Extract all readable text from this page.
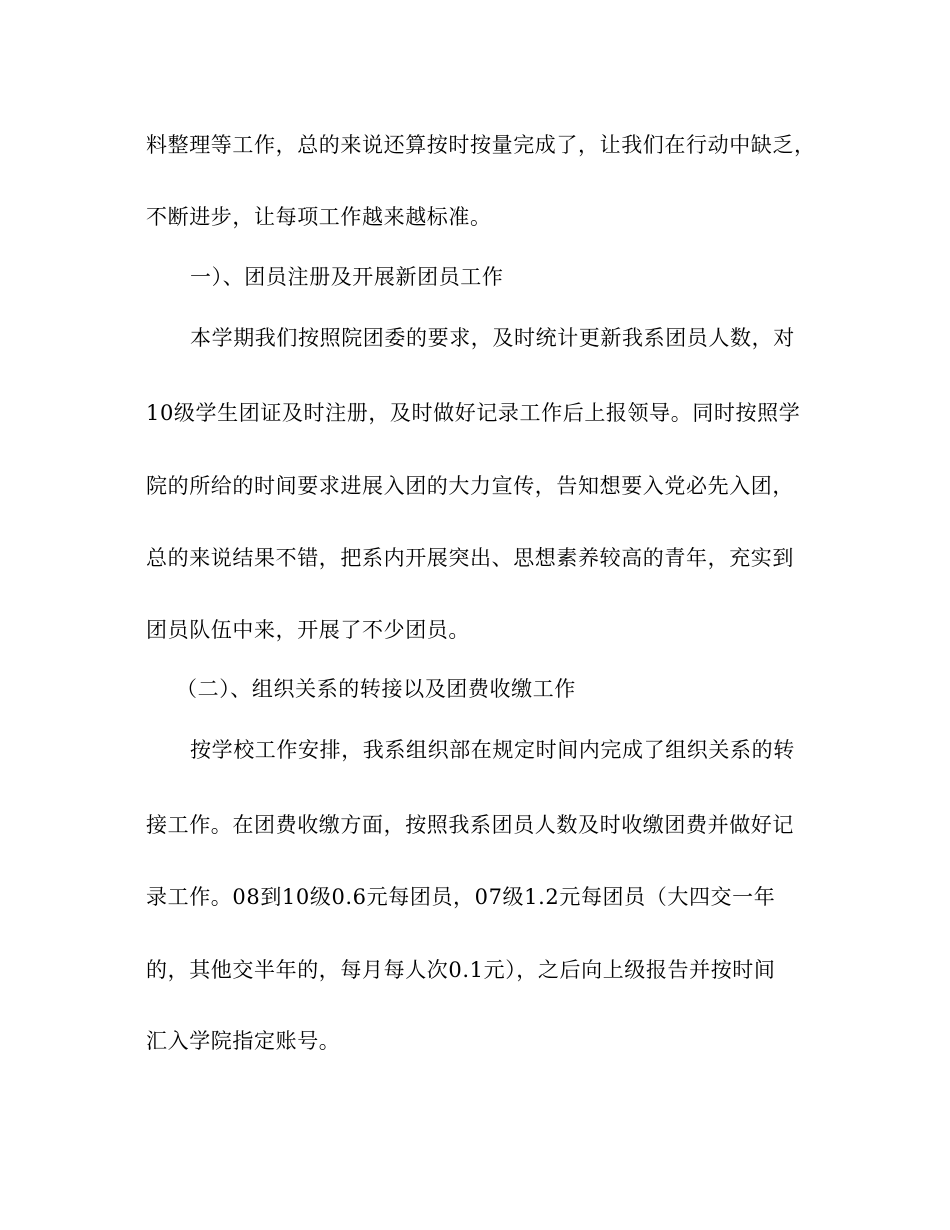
料整理等工作，总的来说还算按时按量完成了，让我们在行动中缺乏，
不断进步，让每项工作越来越标准。
一）、团员注册及开展新团员工作
本学期我们按照院团委的要求，及时统计更新我系团员人数，对
10级学生团证及时注册，及时做好记录工作后上报领导。同时按照学
院的所给的时间要求进展入团的大力宣传，告知想要入党必先入团，
总的来说结果不错，把系内开展突出、思想素养较高的青年，充实到
团员队伍中来，开展了不少团员。
（二）、组织关系的转接以及团费收缴工作
按学校工作安排，我系组织部在规定时间内完成了组织关系的转
接工作。在团费收缴方面，按照我系团员人数及时收缴团费并做好记
录工作。08到10级0.6元每团员，07级1.2元每团员（大四交一年
的，其他交半年的，每月每人次0.1元），之后向上级报告并按时间
汇入学院指定账号。
